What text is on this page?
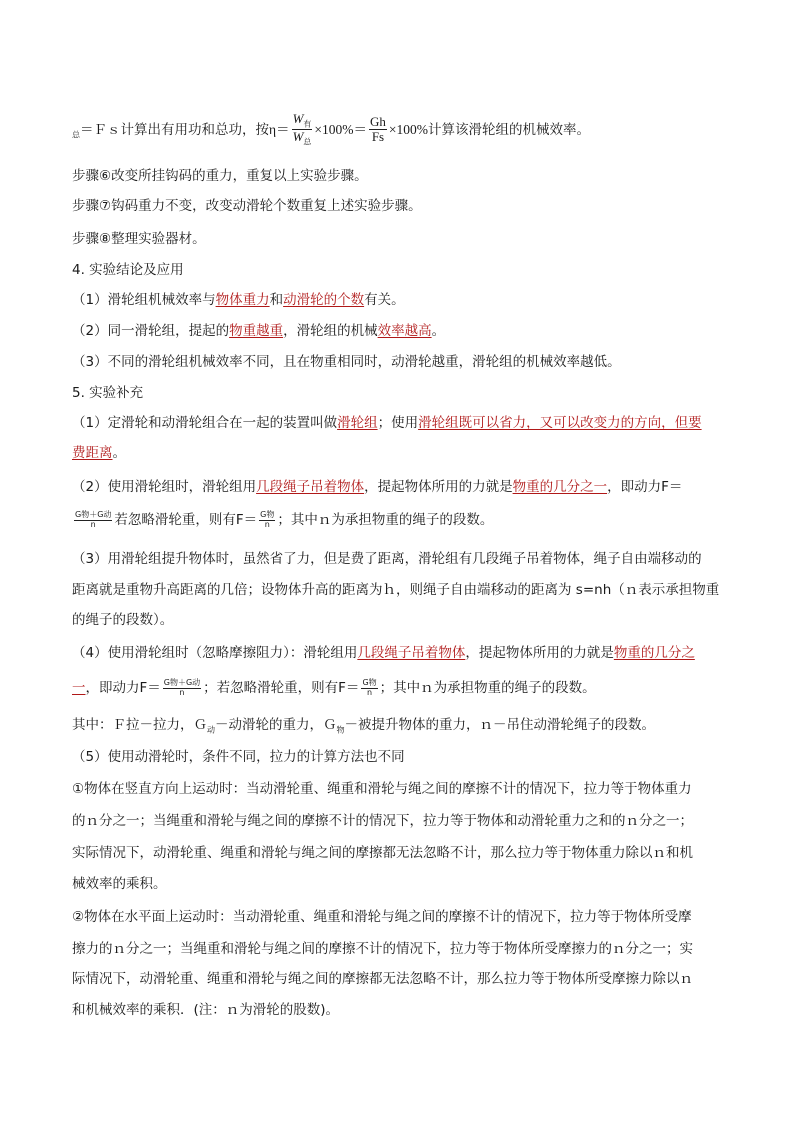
$_总$＝Ｆｓ计算出有用功和总功，按$\eta= \frac{W_有}{W_总} \times 100\%= \frac{Gh}{Fs} \times 100\%$计算该滑轮组的机械效率。
步骤⑥改变所挂钩码的重力，重复以上实验步骤。
步骤⑦钩码重力不变，改变动滑轮个数重复上述实验步骤。
步骤⑧整理实验器材。
4. 实验结论及应用
（1）滑轮组机械效率与物体重力和动滑轮的个数有关。
（2）同一滑轮组，提起的物重越重，滑轮组的机械效率越高。
（3）不同的滑轮组机械效率不同，且在物重相同时，动滑轮越重，滑轮组的机械效率越低。
5. 实验补充
（1）定滑轮和动滑轮组合在一起的装置叫做滑轮组；使用滑轮组既可以省力，又可以改变力的方向，但要
费距离。
（2）使用滑轮组时，滑轮组用几段绳子吊着物体，提起物体所用的力就是物重的几分之一，即动力F＝
$\frac{\text{G物＋G动}}{n}$ 若忽略滑轮重，则有$F= \frac{\text{G物}}{n}$ ；其中ｎ为承担物重的绳子的段数。
（3）用滑轮组提升物体时，虽然省了力，但是费了距离，滑轮组有几段绳子吊着物体，绳子自由端移动的
距离就是重物升高距离的几倍；设物体升高的距离为ｈ，则绳子自由端移动的距离为 s=nh（ｎ表示承担物重
的绳子的段数）。
（4）使用滑轮组时（忽略摩擦阻力）：滑轮组用几段绳子吊着物体，提起物体所用的力就是物重的几分之
一，即动力$F= \frac{\text{G物＋G动}}{n}$ ；若忽略滑轮重，则有$F= \frac{\text{G物}}{n}$ ；其中ｎ为承担物重的绳子的段数。
其中：Ｆ拉－拉力，Ｇ$_动$－动滑轮的重力，Ｇ$_物$－被提升物体的重力，ｎ－吊住动滑轮绳子的段数。
（5）使用动滑轮时，条件不同，拉力的计算方法也不同
①物体在竖直方向上运动时：当动滑轮重、绳重和滑轮与绳之间的摩擦不计的情况下，拉力等于物体重力
的ｎ分之一；当绳重和滑轮与绳之间的摩擦不计的情况下，拉力等于物体和动滑轮重力之和的ｎ分之一；
实际情况下，动滑轮重、绳重和滑轮与绳之间的摩擦都无法忽略不计，那么拉力等于物体重力除以ｎ和机
械效率的乘积。
②物体在水平面上运动时：当动滑轮重、绳重和滑轮与绳之间的摩擦不计的情况下，拉力等于物体所受摩
擦力的ｎ分之一；当绳重和滑轮与绳之间的摩擦不计的情况下，拉力等于物体所受摩擦力的ｎ分之一；实
际情况下，动滑轮重、绳重和滑轮与绳之间的摩擦都无法忽略不计，那么拉力等于物体所受摩擦力除以ｎ
和机械效率的乘积．(注：ｎ为滑轮的股数)。
